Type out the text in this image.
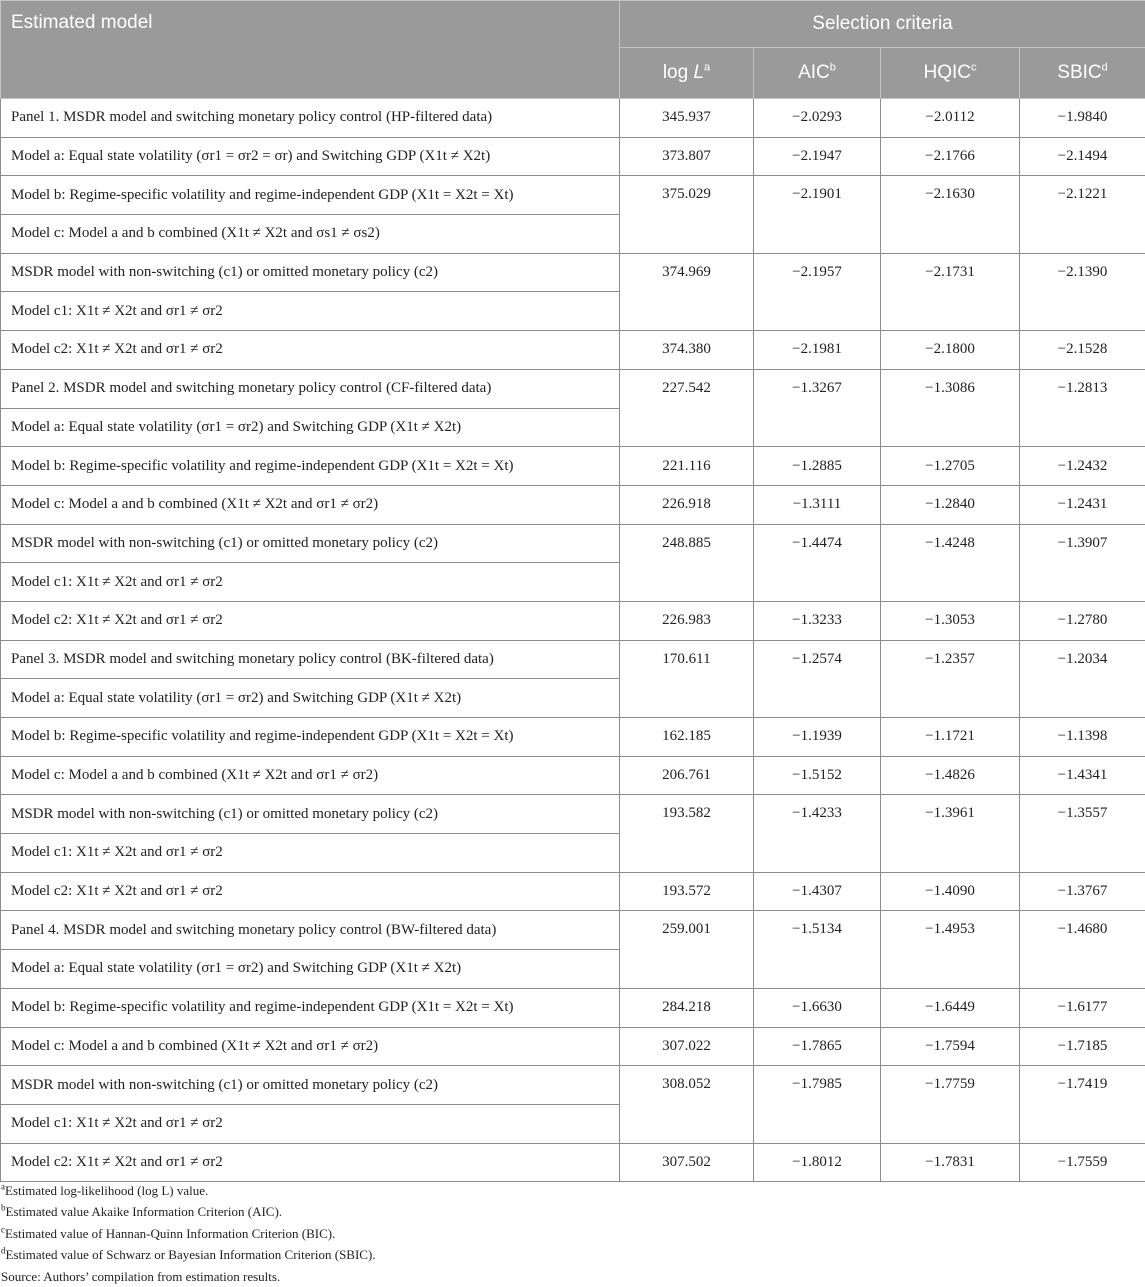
Estimated model	Selection criteria			
	$\log L^a$	AIC$^b$	HQIC$^c$	SBIC$^d$
Panel 1. MSDR model and switching monetary policy control (HP-filtered data)	345.937	−2.0293	−2.0112	−1.9840
Model a: Equal state volatility (σr1 = σr2 = σr) and Switching GDP (X1t ≠ X2t)	373.807	−2.1947	−2.1766	−2.1494
Model b: Regime-specific volatility and regime-independent GDP (X1t = X2t = Xt)	375.029	−2.1901	−2.1630	−2.1221
Model c: Model a and b combined (X1t ≠ X2t and σs1 ≠ σs2)				
MSDR model with non-switching (c1) or omitted monetary policy (c2)	374.969	−2.1957	−2.1731	−2.1390
Model c1: X1t ≠ X2t and σr1 ≠ σr2				
Model c2: X1t ≠ X2t and σr1 ≠ σr2	374.380	−2.1981	−2.1800	−2.1528
Panel 2. MSDR model and switching monetary policy control (CF-filtered data)	227.542	−1.3267	−1.3086	−1.2813
Model a: Equal state volatility (σr1 = σr2) and Switching GDP (X1t ≠ X2t)				
Model b: Regime-specific volatility and regime-independent GDP (X1t = X2t = Xt)	221.116	−1.2885	−1.2705	−1.2432
Model c: Model a and b combined (X1t ≠ X2t and σr1 ≠ σr2)	226.918	−1.3111	−1.2840	−1.2431
MSDR model with non-switching (c1) or omitted monetary policy (c2)	248.885	−1.4474	−1.4248	−1.3907
Model c1: X1t ≠ X2t and σr1 ≠ σr2				
Model c2: X1t ≠ X2t and σr1 ≠ σr2	226.983	−1.3233	−1.3053	−1.2780
Panel 3. MSDR model and switching monetary policy control (BK-filtered data)	170.611	−1.2574	−1.2357	−1.2034
Model a: Equal state volatility (σr1 = σr2) and Switching GDP (X1t ≠ X2t)				
Model b: Regime-specific volatility and regime-independent GDP (X1t = X2t = Xt)	162.185	−1.1939	−1.1721	−1.1398
Model c: Model a and b combined (X1t ≠ X2t and σr1 ≠ σr2)	206.761	−1.5152	−1.4826	−1.4341
MSDR model with non-switching (c1) or omitted monetary policy (c2)	193.582	−1.4233	−1.3961	−1.3557
Model c1: X1t ≠ X2t and σr1 ≠ σr2				
Model c2: X1t ≠ X2t and σr1 ≠ σr2	193.572	−1.4307	−1.4090	−1.3767
Panel 4. MSDR model and switching monetary policy control (BW-filtered data)	259.001	−1.5134	−1.4953	−1.4680
Model a: Equal state volatility (σr1 = σr2) and Switching GDP (X1t ≠ X2t)				
Model b: Regime-specific volatility and regime-independent GDP (X1t = X2t = Xt)	284.218	−1.6630	−1.6449	−1.6177
Model c: Model a and b combined (X1t ≠ X2t and σr1 ≠ σr2)	307.022	−1.7865	−1.7594	−1.7185
MSDR model with non-switching (c1) or omitted monetary policy (c2)	308.052	−1.7985	−1.7759	−1.7419
Model c1: X1t ≠ X2t and σr1 ≠ σr2				
Model c2: X1t ≠ X2t and σr1 ≠ σr2	307.502	−1.8012	−1.7831	−1.7559
$^a$Estimated log-likelihood (log L) value.
$^b$Estimated value Akaike Information Criterion (AIC).
$^c$Estimated value of Hannan-Quinn Information Criterion (BIC).
$^d$Estimated value of Schwarz or Bayesian Information Criterion (SBIC).
Source: Authors’ compilation from estimation results.
